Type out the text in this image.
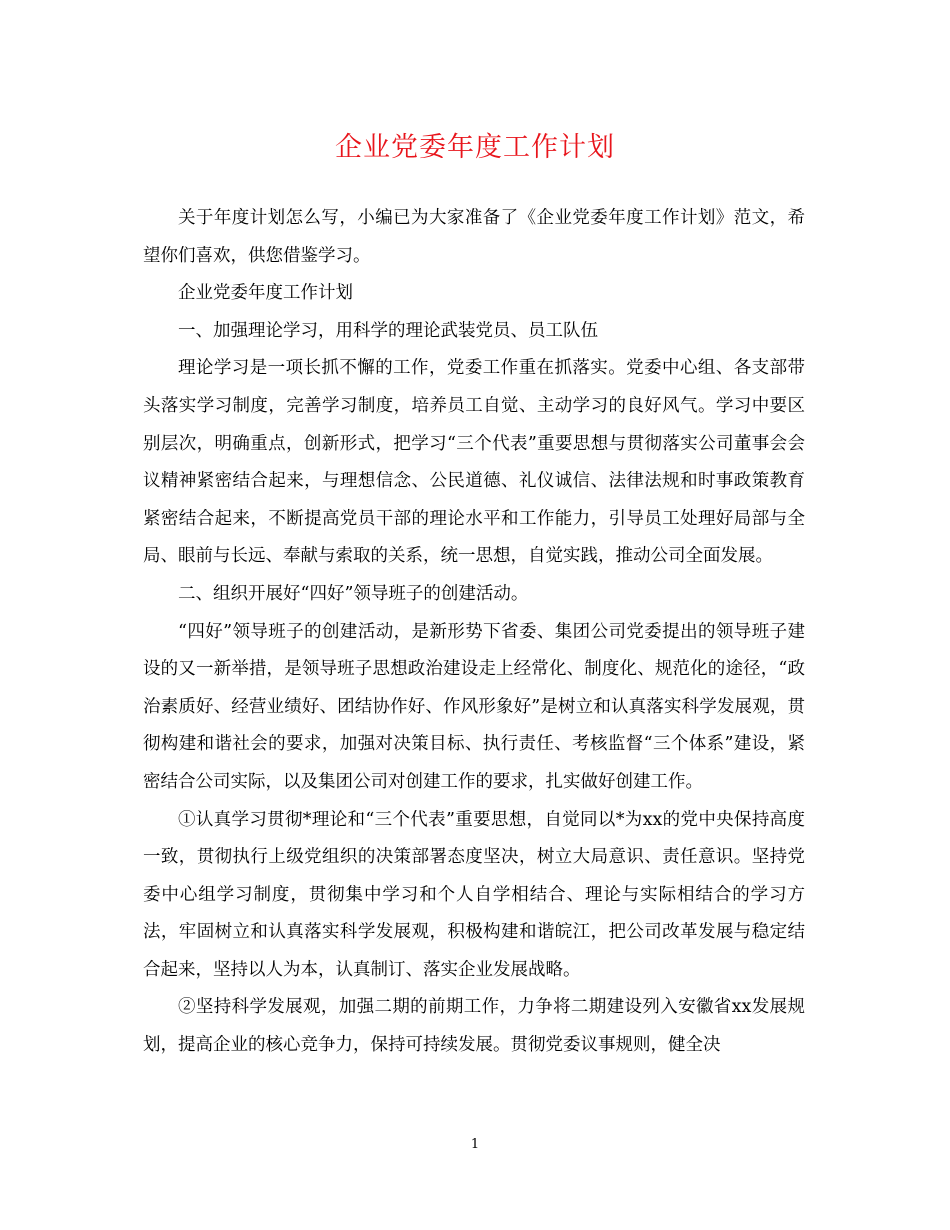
企业党委年度工作计划

关于年度计划怎么写，小编已为大家准备了《企业党委年度工作计划》范文，希望你们喜欢，供您借鉴学习。

企业党委年度工作计划

一、加强理论学习，用科学的理论武装党员、员工队伍

理论学习是一项长抓不懈的工作，党委工作重在抓落实。党委中心组、各支部带头落实学习制度，完善学习制度，培养员工自觉、主动学习的良好风气。学习中要区别层次，明确重点，创新形式，把学习“三个代表”重要思想与贯彻落实公司董事会会议精神紧密结合起来，与理想信念、公民道德、礼仪诚信、法律法规和时事政策教育紧密结合起来，不断提高党员干部的理论水平和工作能力，引导员工处理好局部与全局、眼前与长远、奉献与索取的关系，统一思想，自觉实践，推动公司全面发展。

二、组织开展好“四好”领导班子的创建活动。

“四好”领导班子的创建活动，是新形势下省委、集团公司党委提出的领导班子建设的又一新举措，是领导班子思想政治建设走上经常化、制度化、规范化的途径，“政治素质好、经营业绩好、团结协作好、作风形象好”是树立和认真落实科学发展观，贯彻构建和谐社会的要求，加强对决策目标、执行责任、考核监督“三个体系”建设，紧密结合公司实际，以及集团公司对创建工作的要求，扎实做好创建工作。

①认真学习贯彻*理论和“三个代表”重要思想，自觉同以*为xx的党中央保持高度一致，贯彻执行上级党组织的决策部署态度坚决，树立大局意识、责任意识。坚持党委中心组学习制度，贯彻集中学习和个人自学相结合、理论与实际相结合的学习方法，牢固树立和认真落实科学发展观，积极构建和谐皖江，把公司改革发展与稳定结合起来，坚持以人为本，认真制订、落实企业发展战略。

②坚持科学发展观，加强二期的前期工作，力争将二期建设列入安徽省xx发展规划，提高企业的核心竞争力，保持可持续发展。贯彻党委议事规则，健全决

1
